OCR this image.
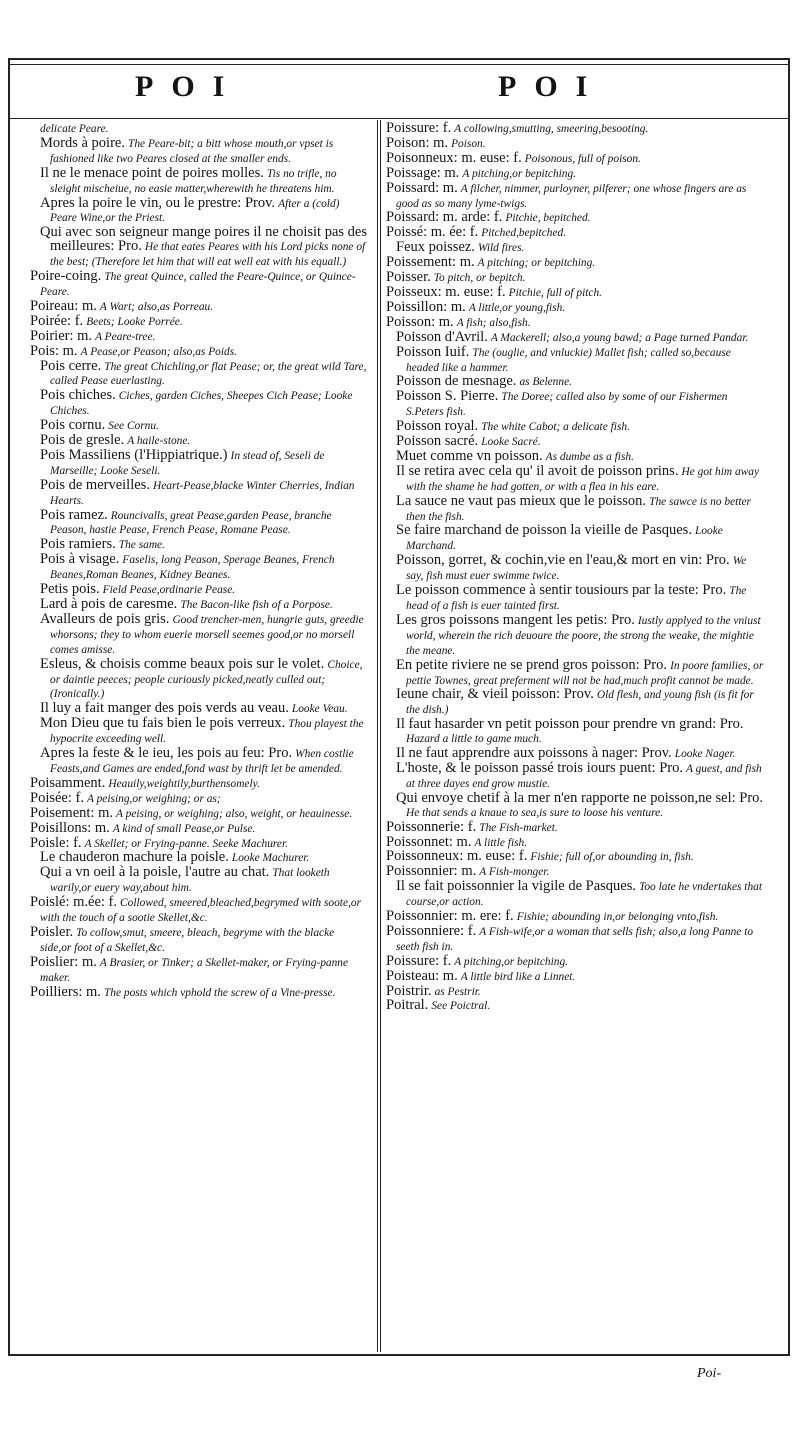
POI	POI

delicate Peare.

Mords à poire. The Peare-bit; a bitt whose mouth,or vpset is fashioned like two Peares closed at the smaller ends.

Il ne le menace point de poires molles. Tis no trifle, no sleight mischeiue, no easie matter,wherewith he threatens him.

Apres la poire le vin, ou le prestre: Prov. After a (cold) Peare Wine,or the Priest.

Qui avec son seigneur mange poires il ne choisit pas des meilleures: Pro. He that eates Peares with his Lord picks none of the best; (Therefore let him that will eat well eat with his equall.)

Poire-coing. The great Quince, called the Peare-Quince, or Quince-Peare.

Poireau: m. A Wart; also,as Porreau.

Poirée: f. Beets; Looke Porrée.

Poirier: m. A Peare-tree.

Pois: m. A Pease,or Peason; also,as Poids.

Pois cerre. The great Chichling,or flat Pease; or, the great wild Tare, called Pease euerlasting.

Pois chiches. Ciches, garden Ciches, Sheepes Cich Pease; Looke Chiches.

Pois cornu. See Cornu.

Pois de gresle. A haile-stone.

Pois Massiliens (l'Hippiatrique.) In stead of, Seseli de Marseille; Looke Seseli.

Pois de merveilles. Heart-Pease,blacke Winter Cherries, Indian Hearts.

Pois ramez. Rouncivalls, great Pease,garden Pease, branche Peason, hastie Pease, French Pease, Romane Pease.

Pois ramiers. The same.

Pois à visage. Faselis, long Peason, Sperage Beanes, French Beanes,Roman Beanes, Kidney Beanes.

Petis pois. Field Pease,ordinarie Pease.

Lard à pois de caresme. The Bacon-like fish of a Porpose.

Avalleurs de pois gris. Good trencher-men, hungrie guts, greedie whorsons; they to whom euerie morsell seemes good,or no morsell comes amisse.

Esleus, & choisis comme beaux pois sur le volet. Choice, or daintie peeces; people curiously picked,neatly culled out; (Ironically.)

Il luy a fait manger des pois verds au veau. Looke Veau.

Mon Dieu que tu fais bien le pois verreux. Thou playest the hypocrite exceeding well.

Apres la feste & le ieu, les pois au feu: Pro. When costlie Feasts,and Games are ended,fond wast by thrift let be amended.

Poisamment. Heauily,weightily,burthensomely.

Poisée: f. A peising,or weighing; or as;

Poisement: m. A peising, or weighing; also, weight, or heauinesse.

Poisillons: m. A kind of small Pease,or Pulse.

Poisle: f. A Skellet; or Frying-panne. Seeke Machurer.

Le chauderon machure la poisle. Looke Machurer.

Qui a vn oeil à la poisle, l'autre au chat. That looketh warily,or euery way,about him.

Poislé: m.ée: f. Collowed, smeered,bleached,begrymed with soote,or with the touch of a sootie Skellet,&c.

Poisler. To collow,smut, smeere, bleach, begryme with the blacke side,or foot of a Skellet,&c.

Poislier: m. A Brasier, or Tinker; a Skellet-maker, or Frying-panne maker.

Poilliers: m. The posts which vphold the screw of a Vine-presse.

Poissure: f. A collowing,smutting, smeering,besooting.

Poison: m. Poison.

Poisonneux: m. euse: f. Poisonous, full of poison.

Poissage: m. A pitching,or bepitching.

Poissard: m. A filcher, nimmer, purloyner, pilferer; one whose fingers are as good as so many lyme-twigs.

Poissard: m. arde: f. Pitchie, bepitched.

Poissé: m. ée: f. Pitched,bepitched.

Feux poissez. Wild fires.

Poissement: m. A pitching; or bepitching.

Poisser. To pitch, or bepitch.

Poisseux: m. euse: f. Pitchie, full of pitch.

Poissillon: m. A little,or young,fish.

Poisson: m. A fish; also,fish.

Poisson d'Avril. A Mackerell; also,a young bawd; a Page turned Pandar.

Poisson Iuif. The (ouglie, and vnluckie) Mallet fish; called so,because headed like a hammer.

Poisson de mesnage. as Belenne.

Poisson S. Pierre. The Doree; called also by some of our Fishermen S.Peters fish.

Poisson royal. The white Cabot; a delicate fish.

Poisson sacré. Looke Sacré.

Muet comme vn poisson. As dumbe as a fish.

Il se retira avec cela qu' il avoit de poisson prins. He got him away with the shame he had gotten, or with a flea in his eare.

La sauce ne vaut pas mieux que le poisson. The sawce is no better then the fish.

Se faire marchand de poisson la vieille de Pasques. Looke Marchand.

Poisson, gorret, & cochin,vie en l'eau,& mort en vin: Pro. We say, fish must euer swimme twice.

Le poisson commence à sentir tousiours par la teste: Pro. The head of a fish is euer tainted first.

Les gros poissons mangent les petis: Pro. Iustly applyed to the vniust world, wherein the rich deuoure the poore, the strong the weake, the mightie the meane.

En petite riviere ne se prend gros poisson: Pro. In poore families, or pettie Townes, great preferment will not be had,much profit cannot be made.

Ieune chair, & vieil poisson: Prov. Old flesh, and young fish (is fit for the dish.)

Il faut hasarder vn petit poisson pour prendre vn grand: Pro. Hazard a little to game much.

Il ne faut apprendre aux poissons à nager: Prov. Looke Nager.

L'hoste, & le poisson passé trois iours puent: Pro. A guest, and fish at three dayes end grow mustie.

Qui envoye chetif à la mer n'en rapporte ne poisson,ne sel: Pro. He that sends a knaue to sea,is sure to loose his venture.

Poissonnerie: f. The Fish-market.

Poissonnet: m. A little fish.

Poissonneux: m. euse: f. Fishie; full of,or abounding in, fish.

Poissonnier: m. A Fish-monger.

Il se fait poissonnier la vigile de Pasques. Too late he vndertakes that course,or action.

Poissonnier: m. ere: f. Fishie; abounding in,or belonging vnto,fish.

Poissonniere: f. A Fish-wife,or a woman that sells fish; also,a long Panne to seeth fish in.

Poissure: f. A pitching,or bepitching.

Poisteau: m. A little bird like a Linnet.

Poistrir. as Pestrir.

Poitral. See Poictral.

Poi-
